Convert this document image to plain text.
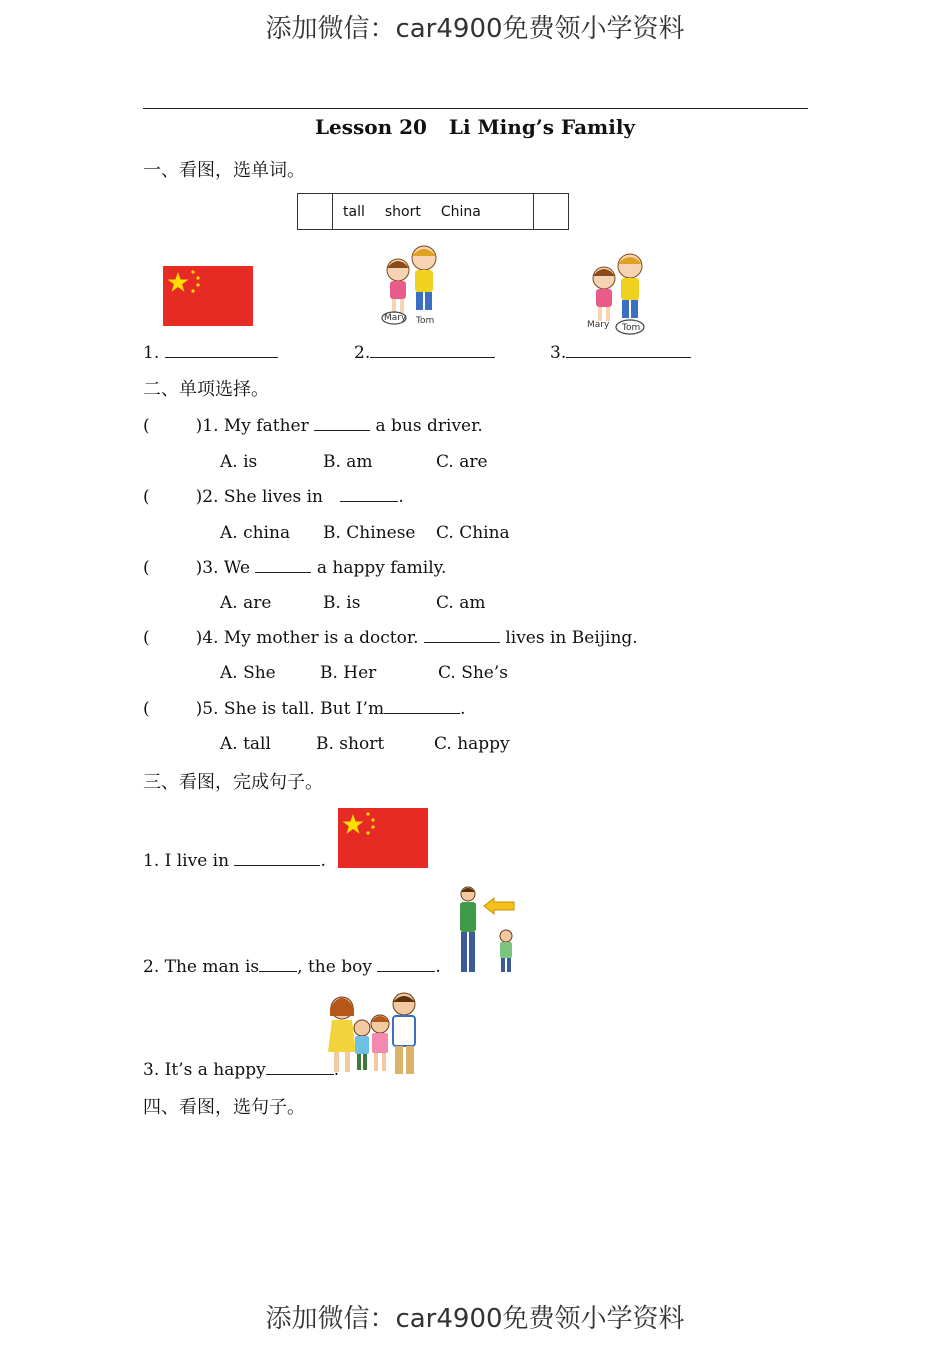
添加微信：car4900免费领小学资料
添加微信：car4900免费领小学资料
Lesson 20 Li Ming’s Family
一、看图，选单词。
tall short China
Mary Tom	Mary Tom
1.	2.	3.
二、单项选择。
(	)1. My father	a bus driver.
A. is	B. am	C. are
(	)2. She lives in	.
A. china B. Chinese C. China
(	)3. We	a happy family.
A. are	B. is	C. am
(	)4. My mother is a doctor.	lives in Beijing.
A. She	B. Her	C. She’s
(	)5. She is tall. But I’m	.
A. tall	B. short	C. happy
三、看图，完成句子。
1. I live in	.
2. The man is , the boy	.
3. It’s a happy	.
四、看图，选句子。
